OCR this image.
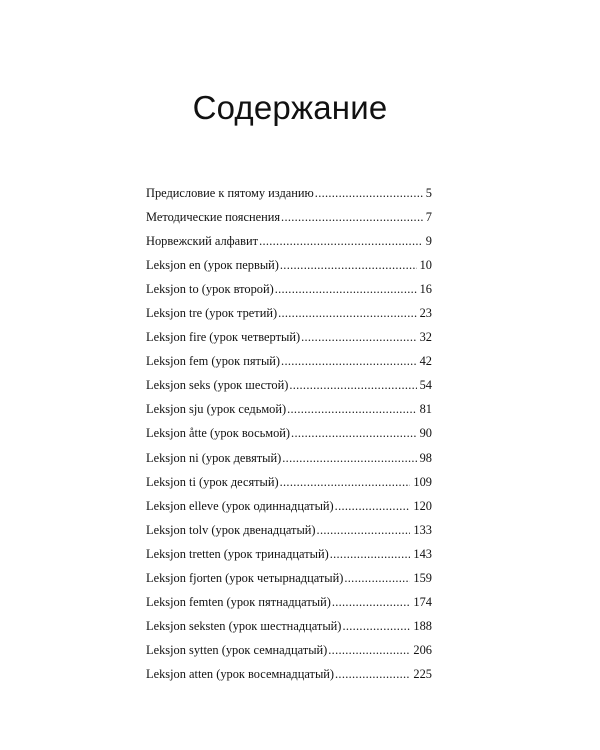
Содержание
Предисловие к пятому изданию .....	5
Методические пояснения .....	7
Норвежский алфавит .....	9
Leksjon en (урок первый) .....	10
Leksjon to (урок второй) .....	16
Leksjon tre (урок третий) .....	23
Leksjon fire (урок четвертый) .....	32
Leksjon fem (урок пятый) .....	42
Leksjon seks (урок шестой) .....	54
Leksjon sju (урок седьмой) .....	81
Leksjon åtte (урок восьмой) .....	90
Leksjon ni (урок девятый) .....	98
Leksjon ti (урок десятый) .....	109
Leksjon elleve (урок одиннадцатый) .....	120
Leksjon tolv (урок двенадцатый) .....	133
Leksjon tretten (урок тринадцатый) .....	143
Leksjon fjorten (урок четырнадцатый) .....	159
Leksjon femten (урок пятнадцатый) .....	174
Leksjon seksten (урок шестнадцатый) .....	188
Leksjon sytten (урок семнадцатый) .....	206
Leksjon atten (урок восемнадцатый) .....	225
